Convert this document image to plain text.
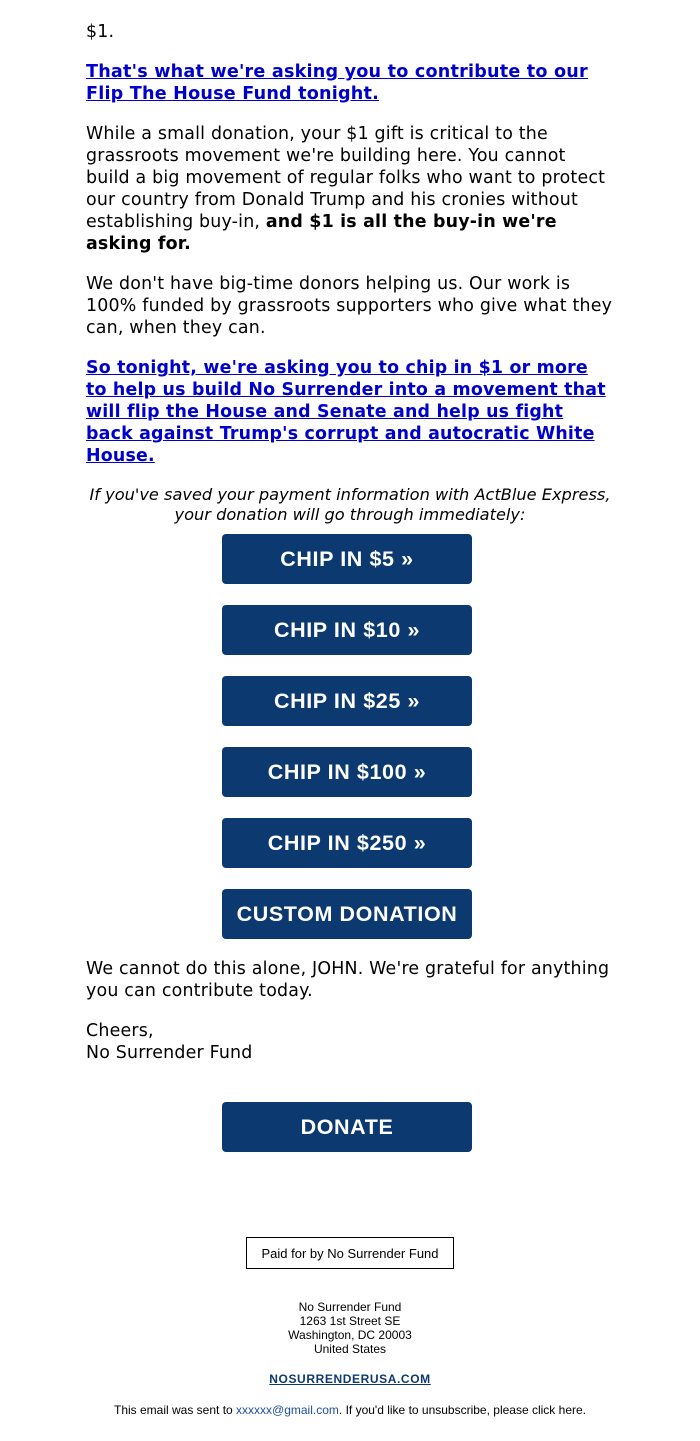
$1.

That's what we're asking you to contribute to our Flip The House Fund tonight.

While a small donation, your $1 gift is critical to the grassroots movement we're building here. You cannot build a big movement of regular folks who want to protect our country from Donald Trump and his cronies without establishing buy-in, and $1 is all the buy-in we're asking for.

We don't have big-time donors helping us. Our work is 100% funded by grassroots supporters who give what they can, when they can.

So tonight, we're asking you to chip in $1 or more to help us build No Surrender into a movement that will flip the House and Senate and help us fight back against Trump's corrupt and autocratic White House.

If you've saved your payment information with ActBlue Express,
your donation will go through immediately:

We cannot do this alone, JOHN. We're grateful for anything you can contribute today.

Cheers,
No Surrender Fund

CHIP IN $5 »
CHIP IN $10 »
CHIP IN $25 »
CHIP IN $100 »
CHIP IN $250 »
CUSTOM DONATION
DONATE
Paid for by No Surrender Fund
No Surrender Fund
1263 1st Street SE
Washington, DC 20003
United States
NOSURRENDERUSA.COM
This email was sent to xxxxxx@gmail.com. If you'd like to unsubscribe, please click here.
